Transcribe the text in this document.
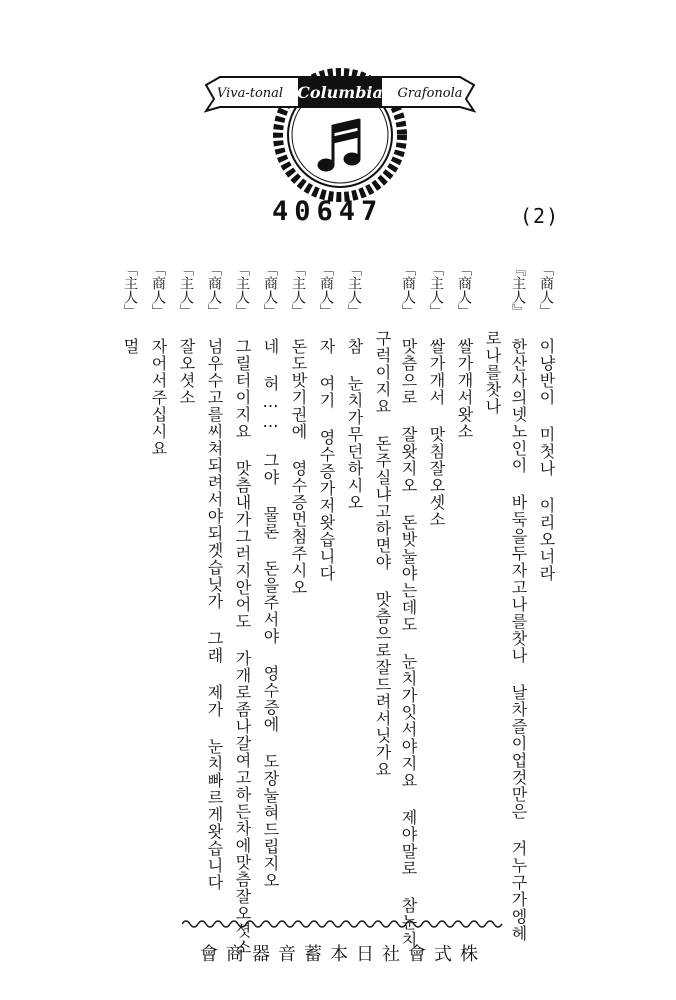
Viva-tonal Columbia Grafonola
40647	(2)
「商人」이냥반이 미첫나 이리오너라
『主人』한산사의넷노인이 바둑을두자고나를찻나 날차즐이업것만은 거누구가엥헤
로나를찻나
「商人」쌀가개서왓소
「主人」쌀가개서 맛침잘오셋소
「商人」맛츰으로 잘왓지오 돈밧눌야는데도 눈치가잇서야지요 제야말로 참눈치
구럭이지요 돈주실냐고하면야 맛츰으로잘드려서닛가요
「主人」참 눈치가무던하시오
「商人」자 여기 영수증가저왓습니다
「主人」돈도밧기권에 영수증먼첨주시오
「商人」네 허…… 그야 물론 돈을주서야 영수증에 도장눌혀드립지오
「主人」그릴터이지요 맛츰내가그러지안어도 가개로좀나갈여고하든차에맛츰잘오셧소
「商人」넘우수고를씨쳐되려서야되겟습닛가 그래 제가 눈치빠르게왓습니다
「主人」잘오셧소
「商人」자어서주십시요
「主人」멀
會商器音蓄本日社會式株
